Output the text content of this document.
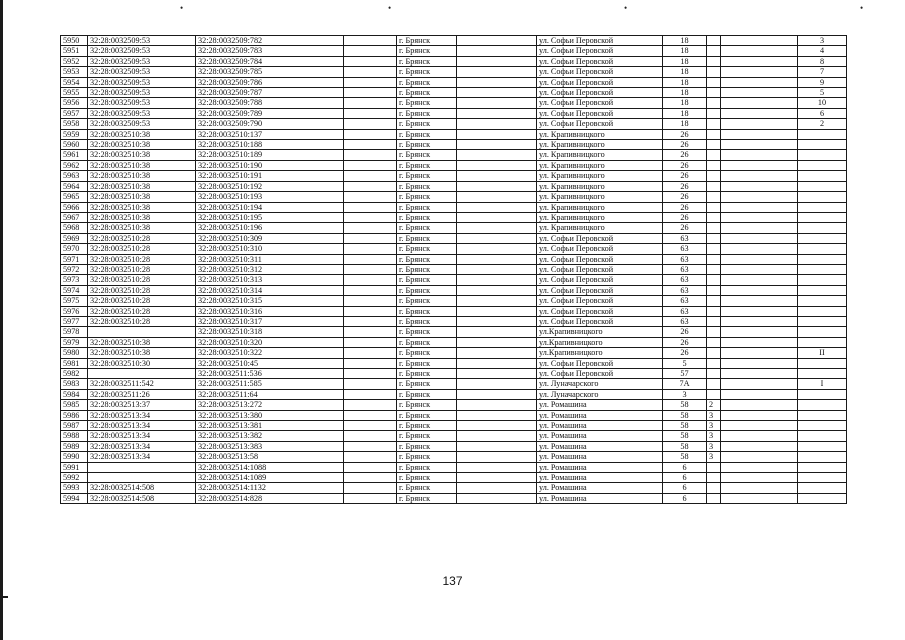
•	•	•	•
5950	32:28:0032509:53	32:28:0032509:782		г. Брянск		ул. Софьи Перовской	18			3
5951	32:28:0032509:53	32:28:0032509:783		г. Брянск		ул. Софьи Перовской	18			4
5952	32:28:0032509:53	32:28:0032509:784		г. Брянск		ул. Софьи Перовской	18			8
5953	32:28:0032509:53	32:28:0032509:785		г. Брянск		ул. Софьи Перовской	18			7
5954	32:28:0032509:53	32:28:0032509:786		г. Брянск		ул. Софьи Перовской	18			9
5955	32:28:0032509:53	32:28:0032509:787		г. Брянск		ул. Софьи Перовской	18			5
5956	32:28:0032509:53	32:28:0032509:788		г. Брянск		ул. Софьи Перовской	18			10
5957	32:28:0032509:53	32:28:0032509:789		г. Брянск		ул. Софьи Перовской	18			6
5958	32:28:0032509:53	32:28:0032509:790		г. Брянск		ул. Софьи Перовской	18			2
5959	32:28:0032510:38	32:28:0032510:137		г. Брянск		ул. Крапивницкого	26			
5960	32:28:0032510:38	32:28:0032510:188		г. Брянск		ул. Крапивницкого	26			
5961	32:28:0032510:38	32:28:0032510:189		г. Брянск		ул. Крапивницкого	26			
5962	32:28:0032510:38	32:28:0032510:190		г. Брянск		ул. Крапивницкого	26			
5963	32:28:0032510:38	32:28:0032510:191		г. Брянск		ул. Крапивницкого	26			
5964	32:28:0032510:38	32:28:0032510:192		г. Брянск		ул. Крапивницкого	26			
5965	32:28:0032510:38	32:28:0032510:193		г. Брянск		ул. Крапивницкого	26			
5966	32:28:0032510:38	32:28:0032510:194		г. Брянск		ул. Крапивницкого	26			
5967	32:28:0032510:38	32:28:0032510:195		г. Брянск		ул. Крапивницкого	26			
5968	32:28:0032510:38	32:28:0032510:196		г. Брянск		ул. Крапивницкого	26			
5969	32:28:0032510:28	32:28:0032510:309		г. Брянск		ул. Софьи Перовской	63			
5970	32:28:0032510:28	32:28:0032510:310		г. Брянск		ул. Софьи Перовской	63			
5971	32:28:0032510:28	32:28:0032510:311		г. Брянск		ул. Софьи Перовской	63			
5972	32:28:0032510:28	32:28:0032510:312		г. Брянск		ул. Софьи Перовской	63			
5973	32:28:0032510:28	32:28:0032510:313		г. Брянск		ул. Софьи Перовской	63			
5974	32:28:0032510:28	32:28:0032510:314		г. Брянск		ул. Софьи Перовской	63			
5975	32:28:0032510:28	32:28:0032510:315		г. Брянск		ул. Софьи Перовской	63			
5976	32:28:0032510:28	32:28:0032510:316		г. Брянск		ул. Софьи Перовской	63			
5977	32:28:0032510:28	32:28:0032510:317		г. Брянск		ул. Софьи Перовской	63			
5978		32:28:0032510:318		г. Брянск		ул.Крапивницкого	26			
5979	32:28:0032510:38	32:28:0032510:320		г. Брянск		ул.Крапивницкого	26			
5980	32:28:0032510:38	32:28:0032510:322		г. Брянск		ул.Крапивницкого	26			II
5981	32:28:0032510:30	32:28:0032510:45		г. Брянск		ул. Софьи Перовской	5			
5982		32:28:0032511:536		г. Брянск		ул. Софьи Перовской	57			
5983	32:28:0032511:542	32:28:0032511:585		г. Брянск		ул. Луначарского	7А			I
5984	32:28:0032511:26	32:28:0032511:64		г. Брянск		ул. Луначарского	3			
5985	32:28:0032513:37	32:28:0032513:272		г. Брянск		ул. Ромашина	58	2		
5986	32:28:0032513:34	32:28:0032513:380		г. Брянск		ул. Ромашина	58	3		
5987	32:28:0032513:34	32:28:0032513:381		г. Брянск		ул. Ромашина	58	3		
5988	32:28:0032513:34	32:28:0032513:382		г. Брянск		ул. Ромашина	58	3		
5989	32:28:0032513:34	32:28:0032513:383		г. Брянск		ул. Ромашина	58	3		
5990	32:28:0032513:34	32:28:0032513:58		г. Брянск		ул. Ромашина	58	3		
5991		32:28:0032514:1088		г. Брянск		ул. Ромашина	6			
5992		32:28:0032514:1089		г. Брянск		ул. Ромашина	6			
5993	32:28:0032514:508	32:28:0032514:1132		г. Брянск		ул. Ромашина	6			
5994	32:28:0032514:508	32:28:0032514:828		г. Брянск		ул. Ромашина	6			
137
